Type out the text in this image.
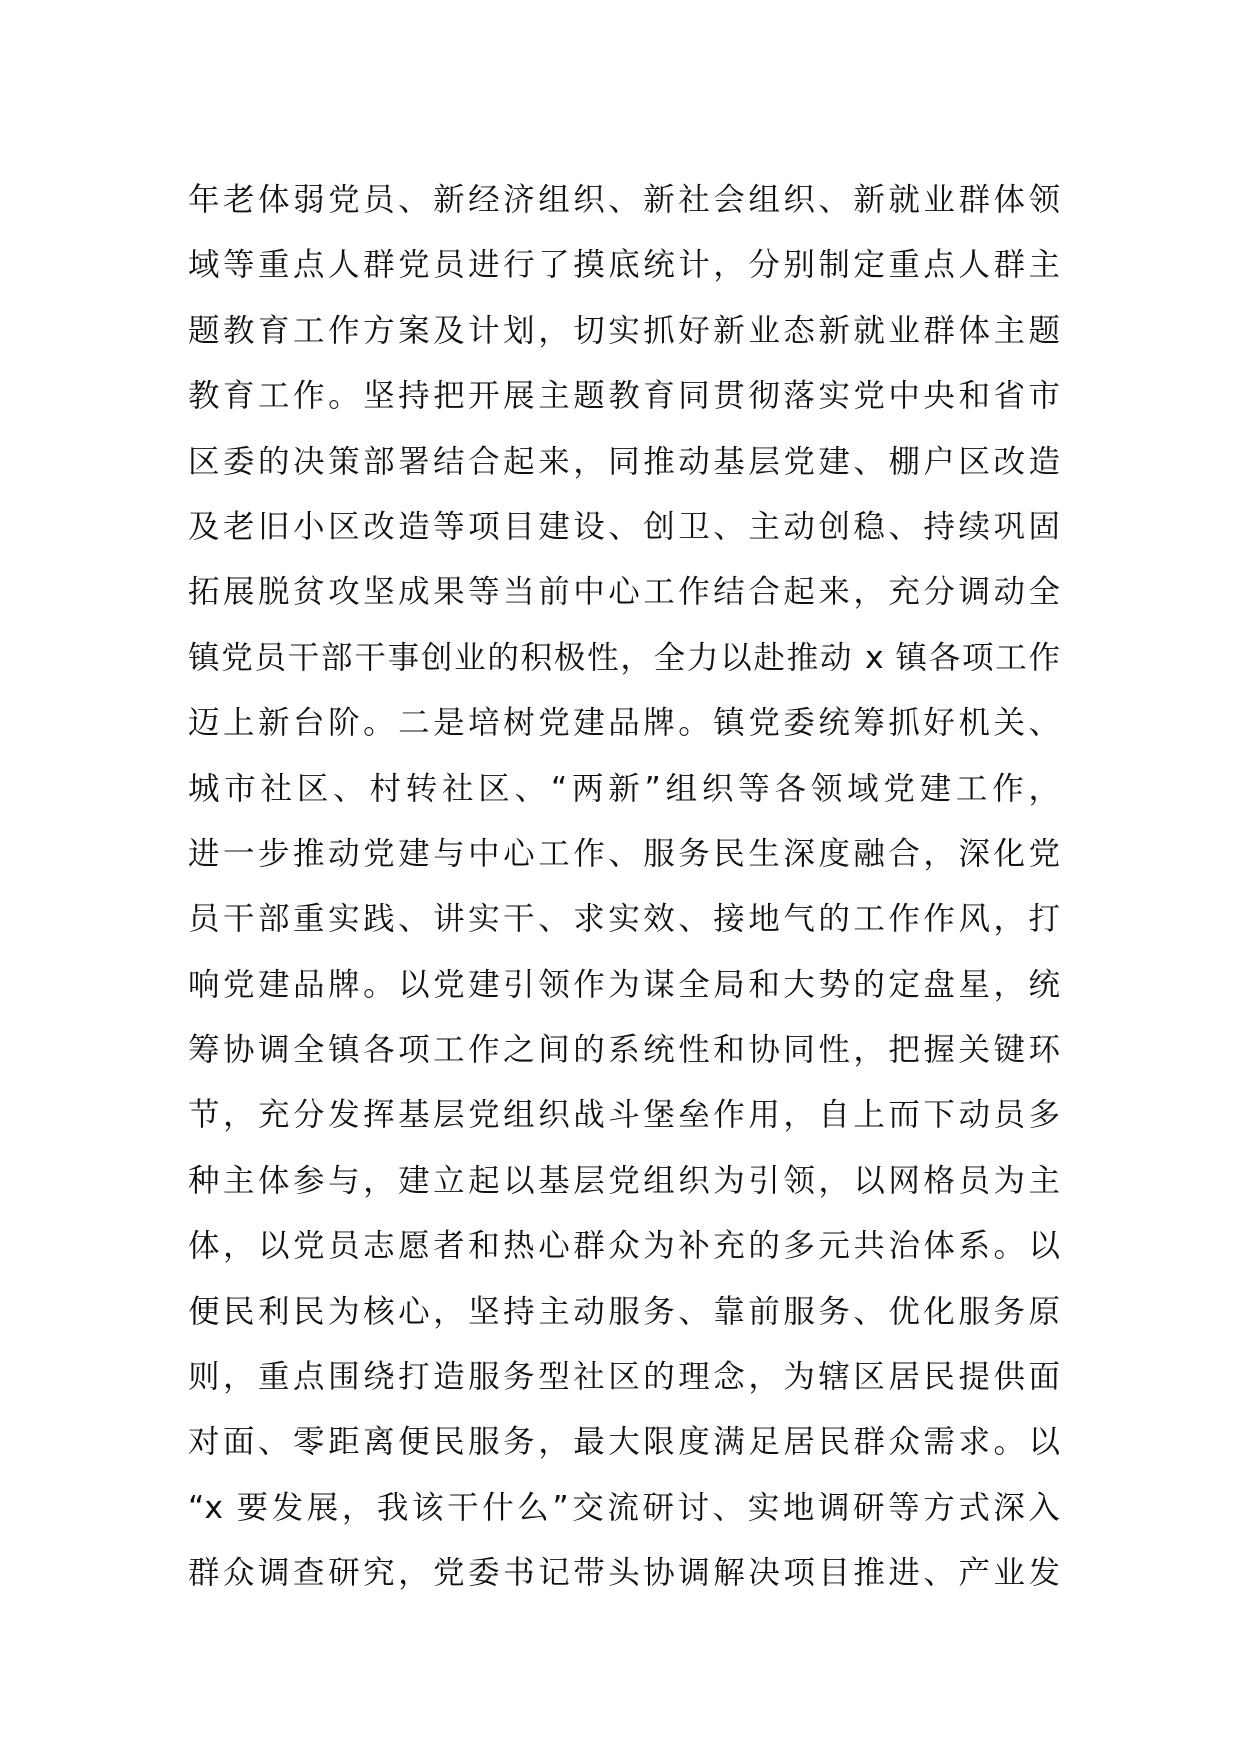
年老体弱党员、新经济组织、新社会组织、新就业群体领
域等重点人群党员进行了摸底统计，分别制定重点人群主
题教育工作方案及计划，切实抓好新业态新就业群体主题
教育工作。坚持把开展主题教育同贯彻落实党中央和省市
区委的决策部署结合起来，同推动基层党建、棚户区改造
及老旧小区改造等项目建设、创卫、主动创稳、持续巩固
拓展脱贫攻坚成果等当前中心工作结合起来，充分调动全
镇党员干部干事创业的积极性，全力以赴推动 x 镇各项工作
迈上新台阶。二是培树党建品牌。镇党委统筹抓好机关、
城市社区、村转社区、“两新”组织等各领域党建工作，
进一步推动党建与中心工作、服务民生深度融合，深化党
员干部重实践、讲实干、求实效、接地气的工作作风，打
响党建品牌。以党建引领作为谋全局和大势的定盘星，统
筹协调全镇各项工作之间的系统性和协同性，把握关键环
节，充分发挥基层党组织战斗堡垒作用，自上而下动员多
种主体参与，建立起以基层党组织为引领，以网格员为主
体，以党员志愿者和热心群众为补充的多元共治体系。以
便民利民为核心，坚持主动服务、靠前服务、优化服务原
则，重点围绕打造服务型社区的理念，为辖区居民提供面
对面、零距离便民服务，最大限度满足居民群众需求。以
“x 要发展，我该干什么”交流研讨、实地调研等方式深入
群众调查研究，党委书记带头协调解决项目推进、产业发
